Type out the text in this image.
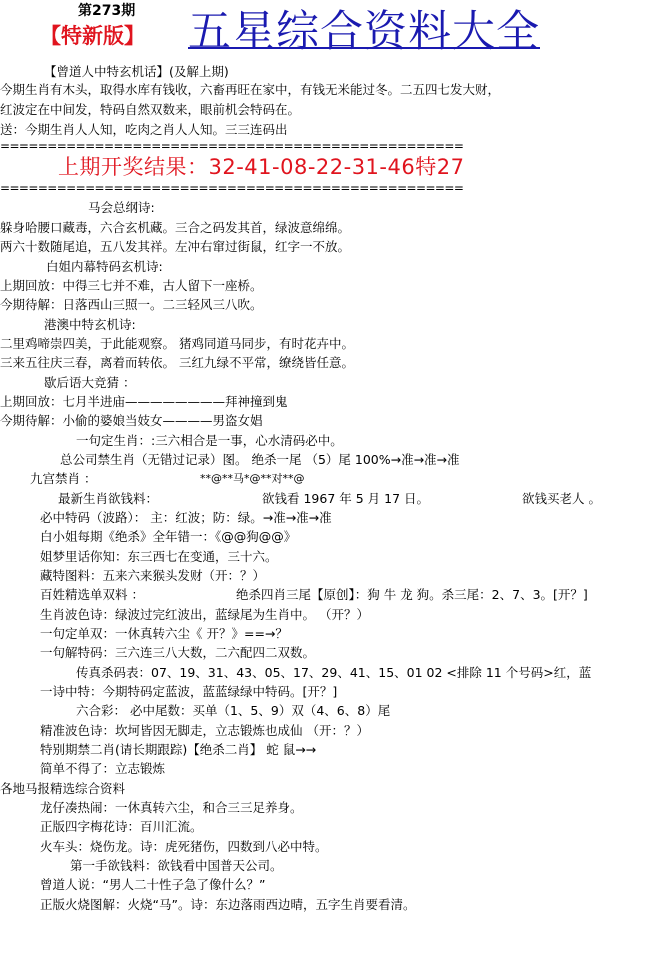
第273期
【特新版】 五星综合资料大全
【曾道人中特玄机话】(及解上期)
今期生肖有木头，取得水库有钱收，六畜再旺在家中，有钱无米能过冬。二五四七发大财，
红波定在中间发，特码自然双数来，眼前机会特码在。
送：今期生肖人人知，吃肉之肖人人知。三三连码出
=================================================
上期开奖结果：32-41-08-22-31-46特27
=================================================
马会总纲诗:
躲身哈腰口藏毒，六合玄机藏。三合之码发其首，绿波意绵绵。
两六十数随尾追，五八发其祥。左冲右窜过街鼠，红字一不放。
白姐内幕特码玄机诗:
上期回放：中得三七并不难，古人留下一座桥。
今期待解：日落西山三照一。二三轻风三八吹。
港澳中特玄机诗:
二里鸡啼崇四美，于此能观察。 猪鸡同道马同步，有时花卉中。
三来五往庆三春，离着而转依。 三红九绿不平常，缭绕皆任意。
歇后语大竞猜 ：
上期回放：七月半进庙————————拜神撞到鬼
今期待解：小偷的婆娘当妓女————男盗女娼
一句定生肖：:三六相合是一事，心水清码必中。
总公司禁生肖（无错过记录）图。 绝杀一尾 （5）尾 100%→准→准→准
九宫禁肖 ：	**@**马*@**对**@
最新生肖欲钱料：	欲钱看 1967 年 5 月 17 日。	欲钱买老人 。
必中特码（波路）： 主：红波；防：绿。→准→准→准
白小姐每期《绝杀》全年错一：《@@狗@@》
姐梦里话你知：东三西七在变通，三十六。
藏特图料：五来六来猴头发财（开：？）
百姓精选单双料 ：	绝杀四肖三尾【原创】：狗 牛 龙 狗。杀三尾：2、7、3。[开？]
生肖波色诗：绿波过完红波出，蓝绿尾为生肖中。 （开？）
一句定单双：一休真转六尘《 开？》==→？
一句解特码：三六连三八大数，二六配四二双数。
传真杀码表：07、19、31、43、05、17、29、41、15、01 02 <排除 11 个号码>红，蓝
一诗中特：今期特码定蓝波，蓝蓝绿绿中特码。[开？]
六合彩： 必中尾数：买单（1、5、9）双（4、6、8）尾
精准波色诗：坎坷皆因无脚走，立志锻炼也成仙 （开：？）
特别期禁二肖(请长期跟踪)【绝杀二肖】 蛇 鼠→→
简单不得了：立志锻炼
各地马报精选综合资料
龙仔凑热闹：一休真转六尘，和合三三足养身。
正版四字梅花诗：百川汇流。
火车头：烧伤龙。诗：虎死猪伤，四数到八必中特。
第一手欲钱料：欲钱看中国普天公司。
曾道人说：“男人二十性子急了像什么？”
正版火烧图解：火烧“马”。诗：东边落雨西边晴，五字生肖要看清。
